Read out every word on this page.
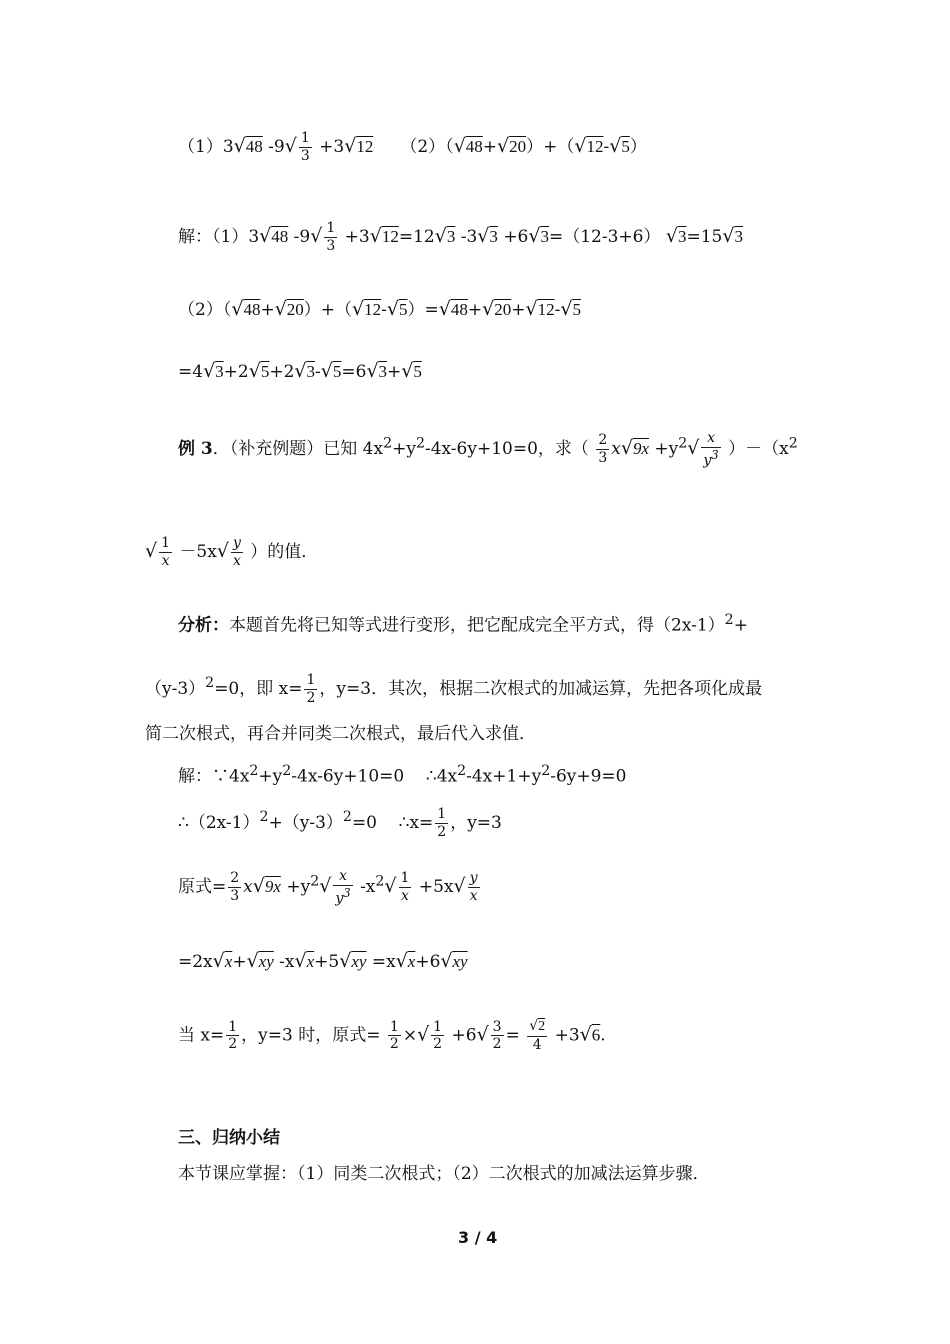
（1）3√48 $-9√ \frac{1}{3} +3√12$ （2）（√48+√20）+（√12-√5）
解：（1）3√48 $-9√ \frac{1}{3} +3√12=12√3$ -3√3 +6√3=（12-3+6） √3=15√3
（2）（√48+√20）+（√12-√5）=√48+√20+√12-√5
=4√3+2√5+2√3-√5=6√3+√5
例 3．（补充例题）已知 $4x^2+y^2-4x-6y+10=0$，求（ $\frac{2}{3} x√9x +y^2√ \frac{x}{y^3} )-(x^2$
√ $\frac{1}{x} -5x√ \frac{y}{x}$ ）的值．
分析：本题首先将已知等式进行变形，把它配成完全平方式，得$(2x-1)^2+$
$(y-3)^2=0$，即 $x= \frac{1}{2}$ ，y=3．其次，根据二次根式的加减运算，先把各项化成最
简二次根式，再合并同类二次根式，最后代入求值．
解：$\because 4x^2+y^2-4x-6y+10=0$ $\therefore 4x^2-4x+1+y^2-6y+9=0$
$\therefore(2x-1)^2+(y-3)^2=0$ ∴x= $\frac{1}{2}$ ，y=3
原式= $\frac{2}{3} x√9x +y^2√ \frac{x}{y^3} -x^2√ \frac{1}{x} +5x√ \frac{y}{x}$
=2x√x+√xy -x√x+5√xy =x√x+6√xy
当 $x= \frac{1}{2}$ ，y=3 时，原式= $\frac{1}{2}$ ×√ $\frac{1}{2} +6√ \frac{3}{2} = \frac{√2}{4} +3√6$.
三、归纳小结
本节课应掌握：（1）同类二次根式；（2）二次根式的加减法运算步骤．
3 / 4
